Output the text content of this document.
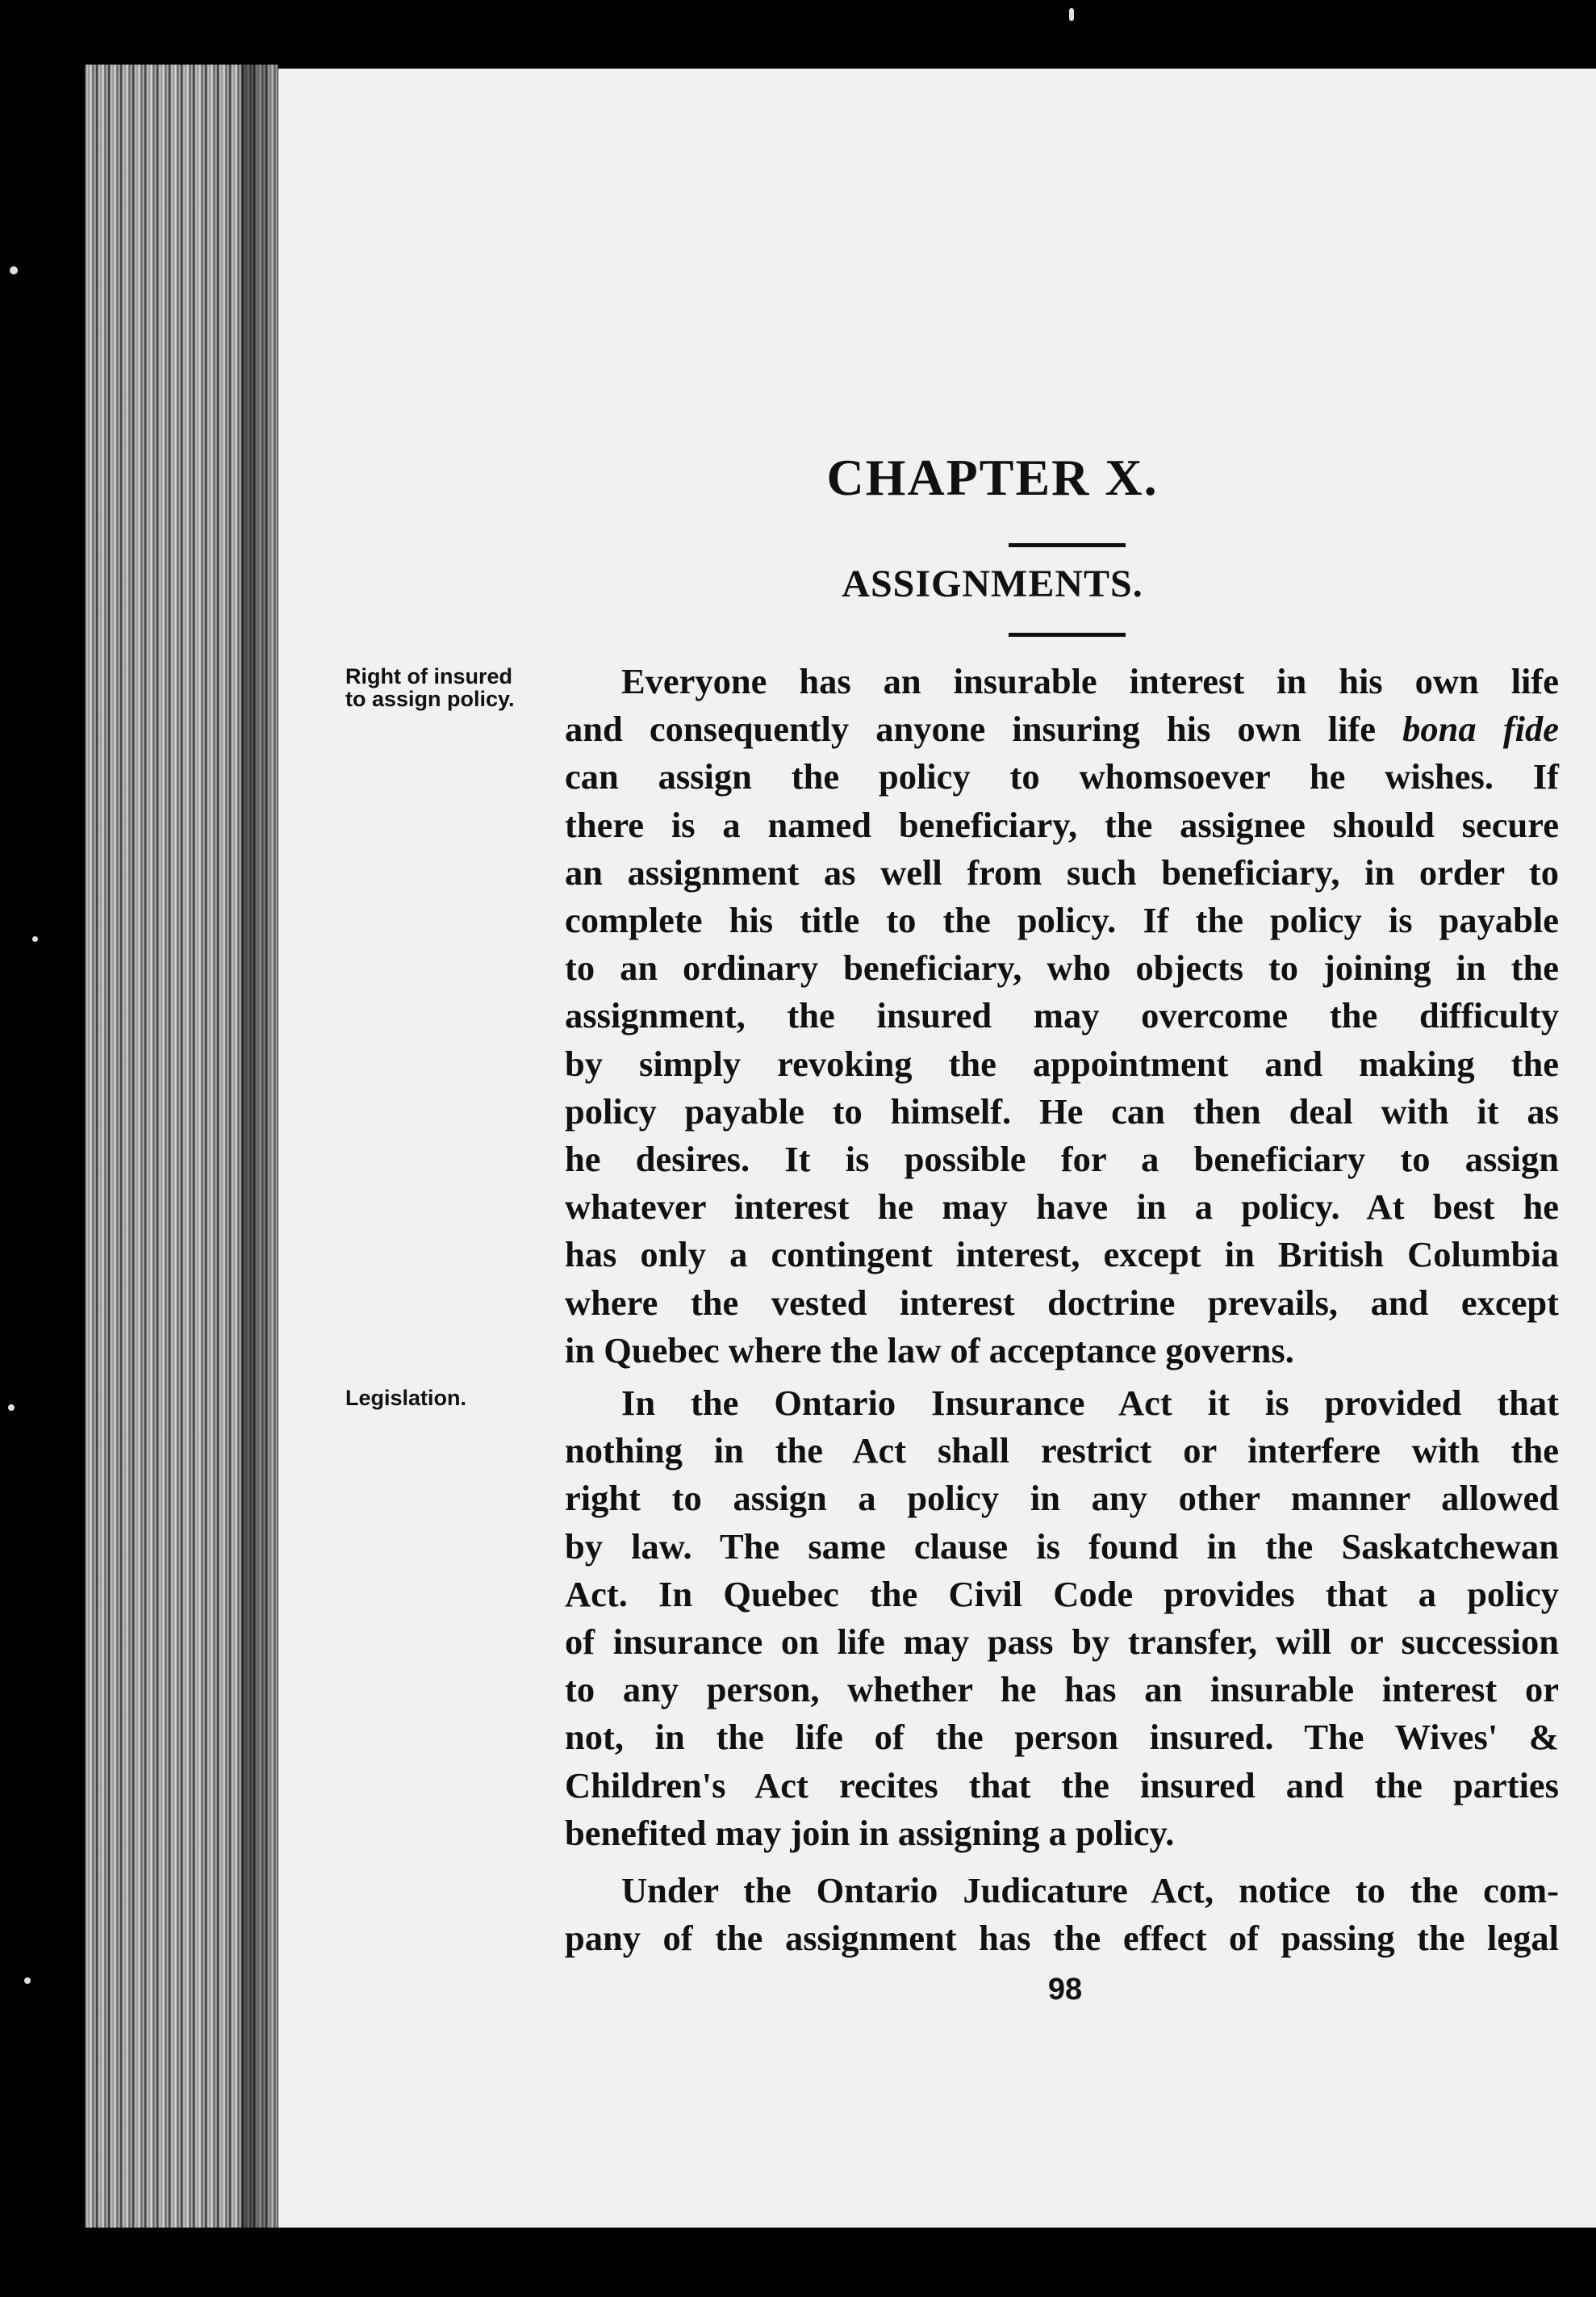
CHAPTER X.
ASSIGNMENTS.
Right of insured
to assign policy.
Legislation.
Everyone has an insurable interest in his own life
and consequently anyone insuring his own life bona fide
can assign the policy to whomsoever he wishes. If
there is a named beneficiary, the assignee should secure
an assignment as well from such beneficiary, in order to
complete his title to the policy. If the policy is payable
to an ordinary beneficiary, who objects to joining in the
assignment, the insured may overcome the difficulty
by simply revoking the appointment and making the
policy payable to himself. He can then deal with it as
he desires. It is possible for a beneficiary to assign
whatever interest he may have in a policy. At best he
has only a contingent interest, except in British Columbia
where the vested interest doctrine prevails, and except
in Quebec where the law of acceptance governs.
In the Ontario Insurance Act it is provided that
nothing in the Act shall restrict or interfere with the
right to assign a policy in any other manner allowed
by law. The same clause is found in the Saskatchewan
Act. In Quebec the Civil Code provides that a policy
of insurance on life may pass by transfer, will or succession
to any person, whether he has an insurable interest or
not, in the life of the person insured. The Wives' &
Children's Act recites that the insured and the parties
benefited may join in assigning a policy.
Under the Ontario Judicature Act, notice to the com-
pany of the assignment has the effect of passing the legal
98
